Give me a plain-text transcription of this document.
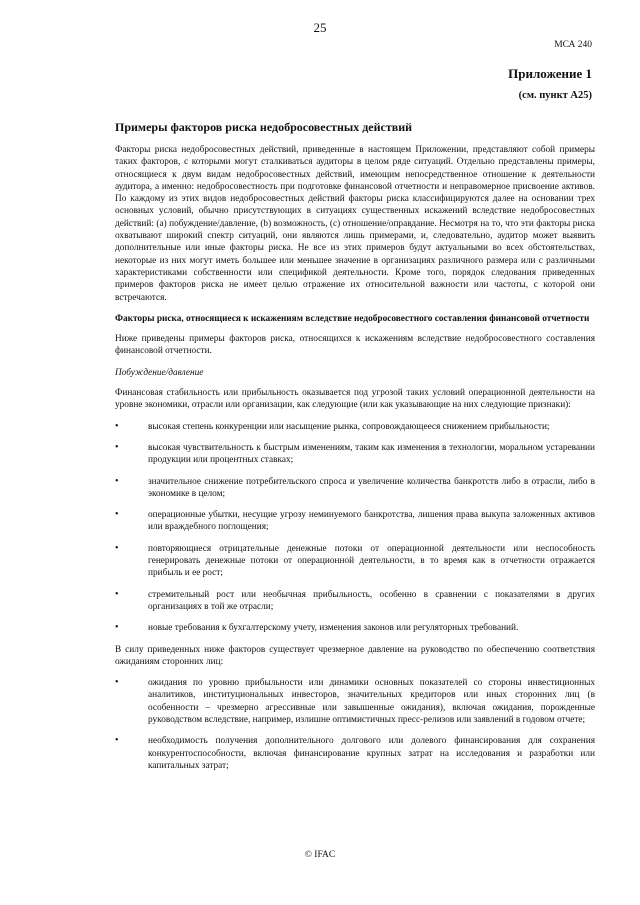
25
МСА 240
Приложение 1
(см. пункт А25)
Примеры факторов риска недобросовестных действий

Факторы риска недобросовестных действий, приведенные в настоящем Приложении, представляют собой примеры таких факторов, с которыми могут сталкиваться аудиторы в целом ряде ситуаций. Отдельно представлены примеры, относящиеся к двум видам недобросовестных действий, имеющим непосредственное отношение к деятельности аудитора, а именно: недобросовестность при подготовке финансовой отчетности и неправомерное присвоение активов. По каждому из этих видов недобросовестных действий факторы риска классифицируются далее на основании трех основных условий, обычно присутствующих в ситуациях существенных искажений вследствие недобросовестных действий: (a) побуждение/давление, (b) возможность, (c) отношение/оправдание. Несмотря на то, что эти факторы риска охватывают широкий спектр ситуаций, они являются лишь примерами, и, следовательно, аудитор может выявить дополнительные или иные факторы риска. Не все из этих примеров будут актуальными во всех обстоятельствах, некоторые из них могут иметь большее или меньшее значение в организациях различного размера или с различными характеристиками собственности или спецификой деятельности. Кроме того, порядок следования приведенных примеров факторов риска не имеет целью отражение их относительной важности или частоты, с которой они встречаются.

Факторы риска, относящиеся к искажениям вследствие недобросовестного составления финансовой отчетности

Ниже приведены примеры факторов риска, относящихся к искажениям вследствие недобросовестного составления финансовой отчетности.

Побуждение/давление

Финансовая стабильность или прибыльность оказывается под угрозой таких условий операционной деятельности на уровне экономики, отрасли или организации, как следующие (или как указывающие на них следующие признаки):

•	высокая степень конкуренции или насыщение рынка, сопровождающееся снижением прибыльности;
•	высокая чувствительность к быстрым изменениям, таким как изменения в технологии, моральном устаревании продукции или процентных ставках;
•	значительное снижение потребительского спроса и увеличение количества банкротств либо в отрасли, либо в экономике в целом;
•	операционные убытки, несущие угрозу неминуемого банкротства, лишения права выкупа заложенных активов или враждебного поглощения;
•	повторяющиеся отрицательные денежные потоки от операционной деятельности или неспособность генерировать денежные потоки от операционной деятельности, в то время как в отчетности отражается прибыль и ее рост;
•	стремительный рост или необычная прибыльность, особенно в сравнении с показателями в других организациях в той же отрасли;
•	новые требования к бухгалтерскому учету, изменения законов или регуляторных требований.

В силу приведенных ниже факторов существует чрезмерное давление на руководство по обеспечению соответствия ожиданиям сторонних лиц:

•	ожидания по уровню прибыльности или динамики основных показателей со стороны инвестиционных аналитиков, институциональных инвесторов, значительных кредиторов или иных сторонних лиц (в особенности – чрезмерно агрессивные или завышенные ожидания), включая ожидания, порожденные руководством вследствие, например, излишне оптимистичных пресс-релизов или заявлений в годовом отчете;
•	необходимость получения дополнительного долгового или долевого финансирования для сохранения конкурентоспособности, включая финансирование крупных затрат на исследования и разработки или капитальных затрат;
© IFAC
